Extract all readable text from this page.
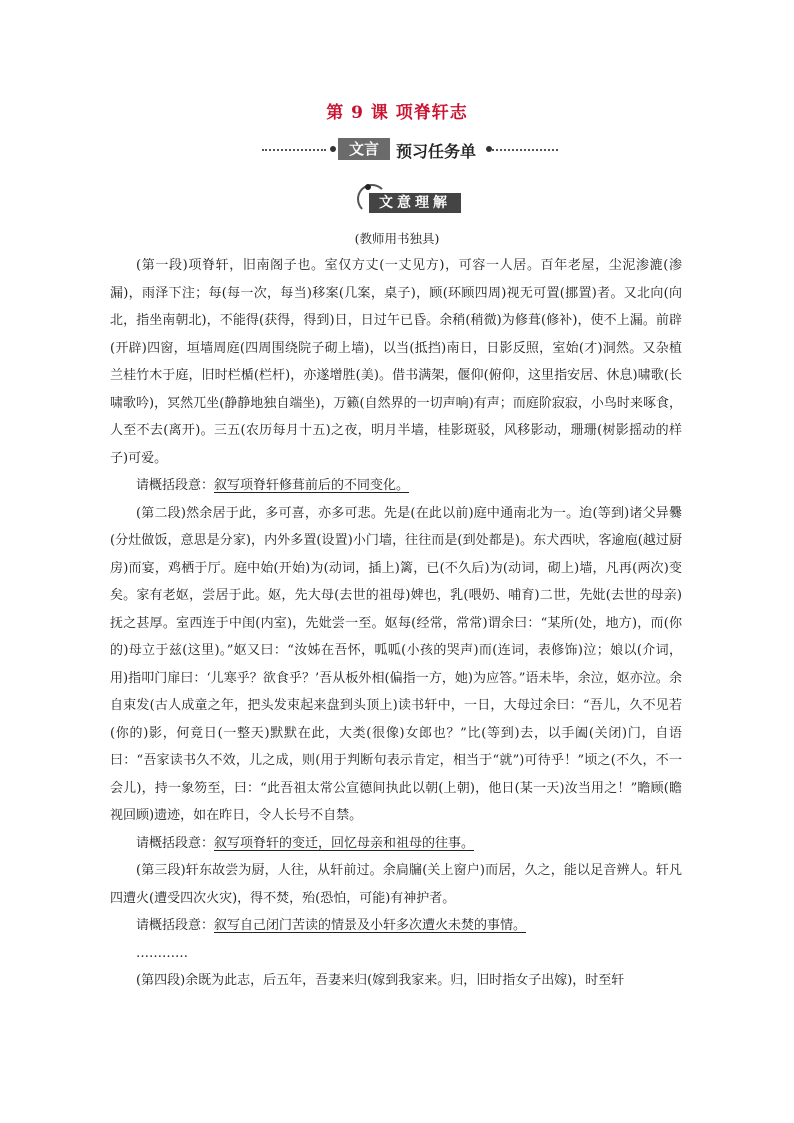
第 9 课 项脊轩志
文言	预习任务单
文意理解
(教师用书独具)

(第一段)项脊轩，旧南阁子也。室仅方丈(一丈见方)，可容一人居。百年老屋，尘泥渗漉(渗漏)，雨泽下注；每(每一次，每当)移案(几案，桌子)，顾(环顾四周)视无可置(挪置)者。又北向(向北，指坐南朝北)，不能得(获得，得到)日，日过午已昏。余稍(稍微)为修葺(修补)，使不上漏。前辟(开辟)四窗，垣墙周庭(四周围绕院子砌上墙)，以当(抵挡)南日，日影反照，室始(才)洞然。又杂植兰桂竹木于庭，旧时栏楯(栏杆)，亦遂增胜(美)。借书满架，偃仰(俯仰，这里指安居、休息)啸歌(长啸歌吟)，冥然兀坐(静静地独自端坐)，万籁(自然界的一切声响)有声；而庭阶寂寂，小鸟时来啄食，人至不去(离开)。三五(农历每月十五)之夜，明月半墙，桂影斑驳，风移影动，珊珊(树影摇动的样子)可爱。

请概括段意：叙写项脊轩修葺前后的不同变化。

(第二段)然余居于此，多可喜，亦多可悲。先是(在此以前)庭中通南北为一。迨(等到)诸父异爨(分灶做饭，意思是分家)，内外多置(设置)小门墙，往往而是(到处都是)。东犬西吠，客逾庖(越过厨房)而宴，鸡栖于厅。庭中始(开始)为(动词，插上)篱，已(不久后)为(动词，砌上)墙，凡再(两次)变矣。家有老妪，尝居于此。妪，先大母(去世的祖母)婢也，乳(喂奶、哺育)二世，先妣(去世的母亲)抚之甚厚。室西连于中闺(内室)，先妣尝一至。妪每(经常，常常)谓余曰：“某所(处，地方)，而(你的)母立于兹(这里)。”妪又曰：“汝姊在吾怀，呱呱(小孩的哭声)而(连词，表修饰)泣；娘以(介词，用)指叩门扉曰：‘儿寒乎？欲食乎？’吾从板外相(偏指一方，她)为应答。”语未毕，余泣，妪亦泣。余自束发(古人成童之年，把头发束起来盘到头顶上)读书轩中，一日，大母过余曰：“吾儿，久不见若(你的)影，何竟日(一整天)默默在此，大类(很像)女郎也？”比(等到)去，以手阖(关闭)门，自语曰：“吾家读书久不效，儿之成，则(用于判断句表示肯定，相当于“就”)可待乎！”顷之(不久，不一会儿)，持一象笏至，曰：“此吾祖太常公宣德间执此以朝(上朝)，他日(某一天)汝当用之！”瞻顾(瞻视回顾)遗迹，如在昨日，令人长号不自禁。

请概括段意：叙写项脊轩的变迁，回忆母亲和祖母的往事。

(第三段)轩东故尝为厨，人往，从轩前过。余扃牖(关上窗户)而居，久之，能以足音辨人。轩凡四遭火(遭受四次火灾)，得不焚，殆(恐怕，可能)有神护者。

请概括段意：叙写自己闭门苦读的情景及小轩多次遭火未焚的事情。

…………

(第四段)余既为此志，后五年，吾妻来归(嫁到我家来。归，旧时指女子出嫁)，时至轩
